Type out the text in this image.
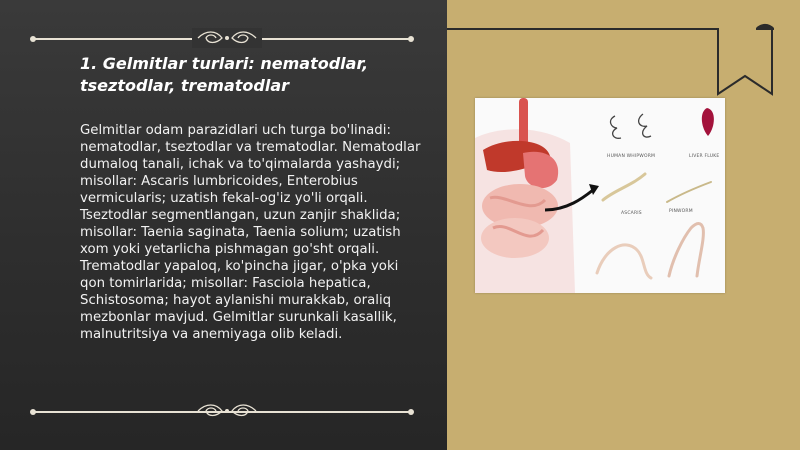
1. Gelmitlar turlari: nematodlar, tseztodlar, trematodlar

Gelmitlar odam parazidlari uch turga bo'linadi: nematodlar, tseztodlar va trematodlar. Nematodlar dumaloq tanali, ichak va to'qimalarda yashaydi; misollar: Ascaris lumbricoides, Enterobius vermicularis; uzatish fekal-og'iz yo'li orqali. Tseztodlar segmentlangan, uzun zanjir shaklida; misollar: Taenia saginata, Taenia solium; uzatish xom yoki yetarlicha pishmagan go'sht orqali. Trematodlar yapaloq, ko'pincha jigar, o'pka yoki qon tomirlarida; misollar: Fasciola hepatica, Schistosoma; hayot aylanishi murakkab, oraliq mezbonlar mavjud. Gelmitlar surunkali kasallik, malnutritsiya va anemiyaga olib keladi.

HUMAN WHIPWORM	LIVER FLUKE
ASCARIS	PINWORM
